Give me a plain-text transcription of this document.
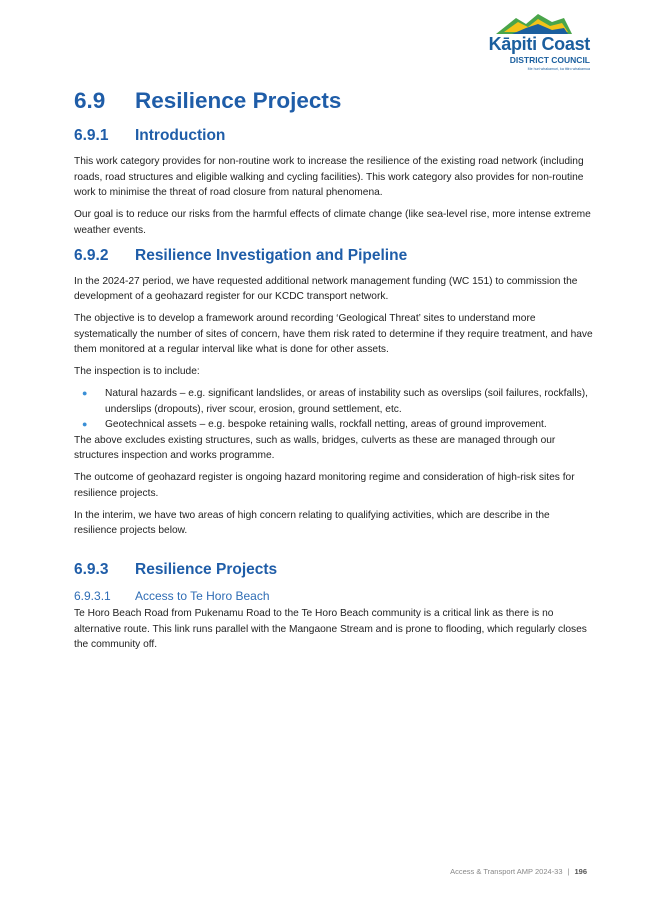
Kāpiti Coast
DISTRICT COUNCIL
Me huri whakamuri, ka titiro whakamua
6.9	Resilience Projects
6.9.1	Introduction

This work category provides for non-routine work to increase the resilience of the existing road network (including roads, road structures and eligible walking and cycling facilities). This work category also provides for non-routine work to minimise the threat of road closure from natural phenomena.

Our goal is to reduce our risks from the harmful effects of climate change (like sea-level rise, more intense extreme weather events.

6.9.2	Resilience Investigation and Pipeline

In the 2024-27 period, we have requested additional network management funding (WC 151) to commission the development of a geohazard register for our KCDC transport network.

The objective is to develop a framework around recording ‘Geological Threat’ sites to understand more systematically the number of sites of concern, have them risk rated to determine if they require treatment, and have them monitored at a regular interval like what is done for other assets.

The inspection is to include:

● Natural hazards – e.g. significant landslides, or areas of instability such as overslips (soil failures, rockfalls), underslips (dropouts), river scour, erosion, ground settlement, etc.
● Geotechnical assets – e.g. bespoke retaining walls, rockfall netting, areas of ground improvement.

The above excludes existing structures, such as walls, bridges, culverts as these are managed through our structures inspection and works programme.

The outcome of geohazard register is ongoing hazard monitoring regime and consideration of high-risk sites for resilience projects.

In the interim, we have two areas of high concern relating to qualifying activities, which are describe in the resilience projects below.

6.9.3	Resilience Projects
6.9.3.1	Access to Te Horo Beach

Te Horo Beach Road from Pukenamu Road to the Te Horo Beach community is a critical link as there is no alternative route. This link runs parallel with the Mangaone Stream and is prone to flooding, which regularly closes the community off.

Access & Transport AMP 2024-33 | 196
